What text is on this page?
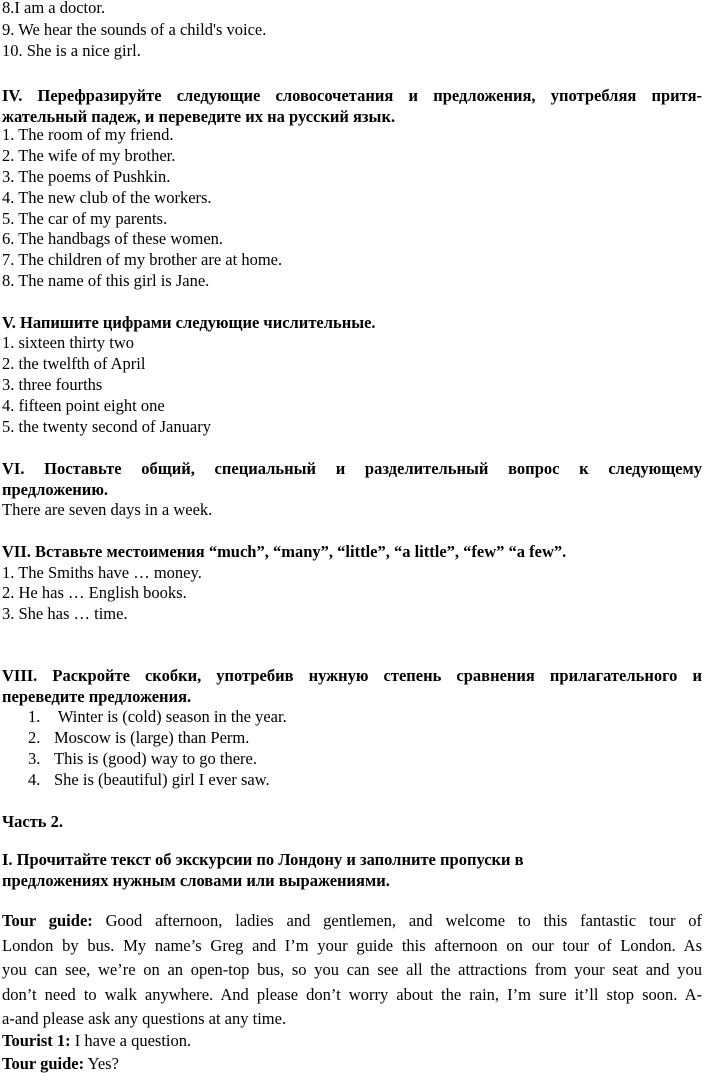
8.I am a doctor.
9. We hear the sounds of a child's voice.
10. She is a nice girl.
IV. Перефразируйте следующие словосочетания и предложения, употребляя притя-
жательный падеж, и переведите их на русский язык.
1. The room of my friend.
2. The wife of my brother.
3. The poems of Pushkin.
4. The new club of the workers.
5. The car of my parents.
6. The handbags of these women.
7. The children of my brother are at home.
8. The name of this girl is Jane.
V. Напишите цифрами следующие числительные.
1. sixteen thirty two
2. the twelfth of April
3. three fourths
4. fifteen point eight one
5. the twenty second of January
VI. Поставьте общий, специальный и разделительный вопрос к следующему
предложению.
There are seven days in a week.
VII. Вставьте местоимения “much”, “many”, “little”, “a little”, “few” “a few”.
1. The Smiths have … money.
2. He has … English books.
3. She has … time.
VIII. Раскройте скобки, употребив нужную степень сравнения прилагательного и
переведите предложения.
1. Winter is (cold) season in the year.
2. Moscow is (large) than Perm.
3. This is (good) way to go there.
4. She is (beautiful) girl I ever saw.
Часть 2.
I. Прочитайте текст об экскурсии по Лондону и заполните пропуски в
предложениях нужным словами или выражениями.
Tour guide: Good afternoon, ladies and gentlemen, and welcome to this fantastic tour of
London by bus. My name’s Greg and I’m your guide this afternoon on our tour of London. As
you can see, we’re on an open-top bus, so you can see all the attractions from your seat and you
don’t need to walk anywhere. And please don’t worry about the rain, I’m sure it’ll stop soon. A-
a-and please ask any questions at any time.
Tourist 1: I have a question.
Tour guide: Yes?
